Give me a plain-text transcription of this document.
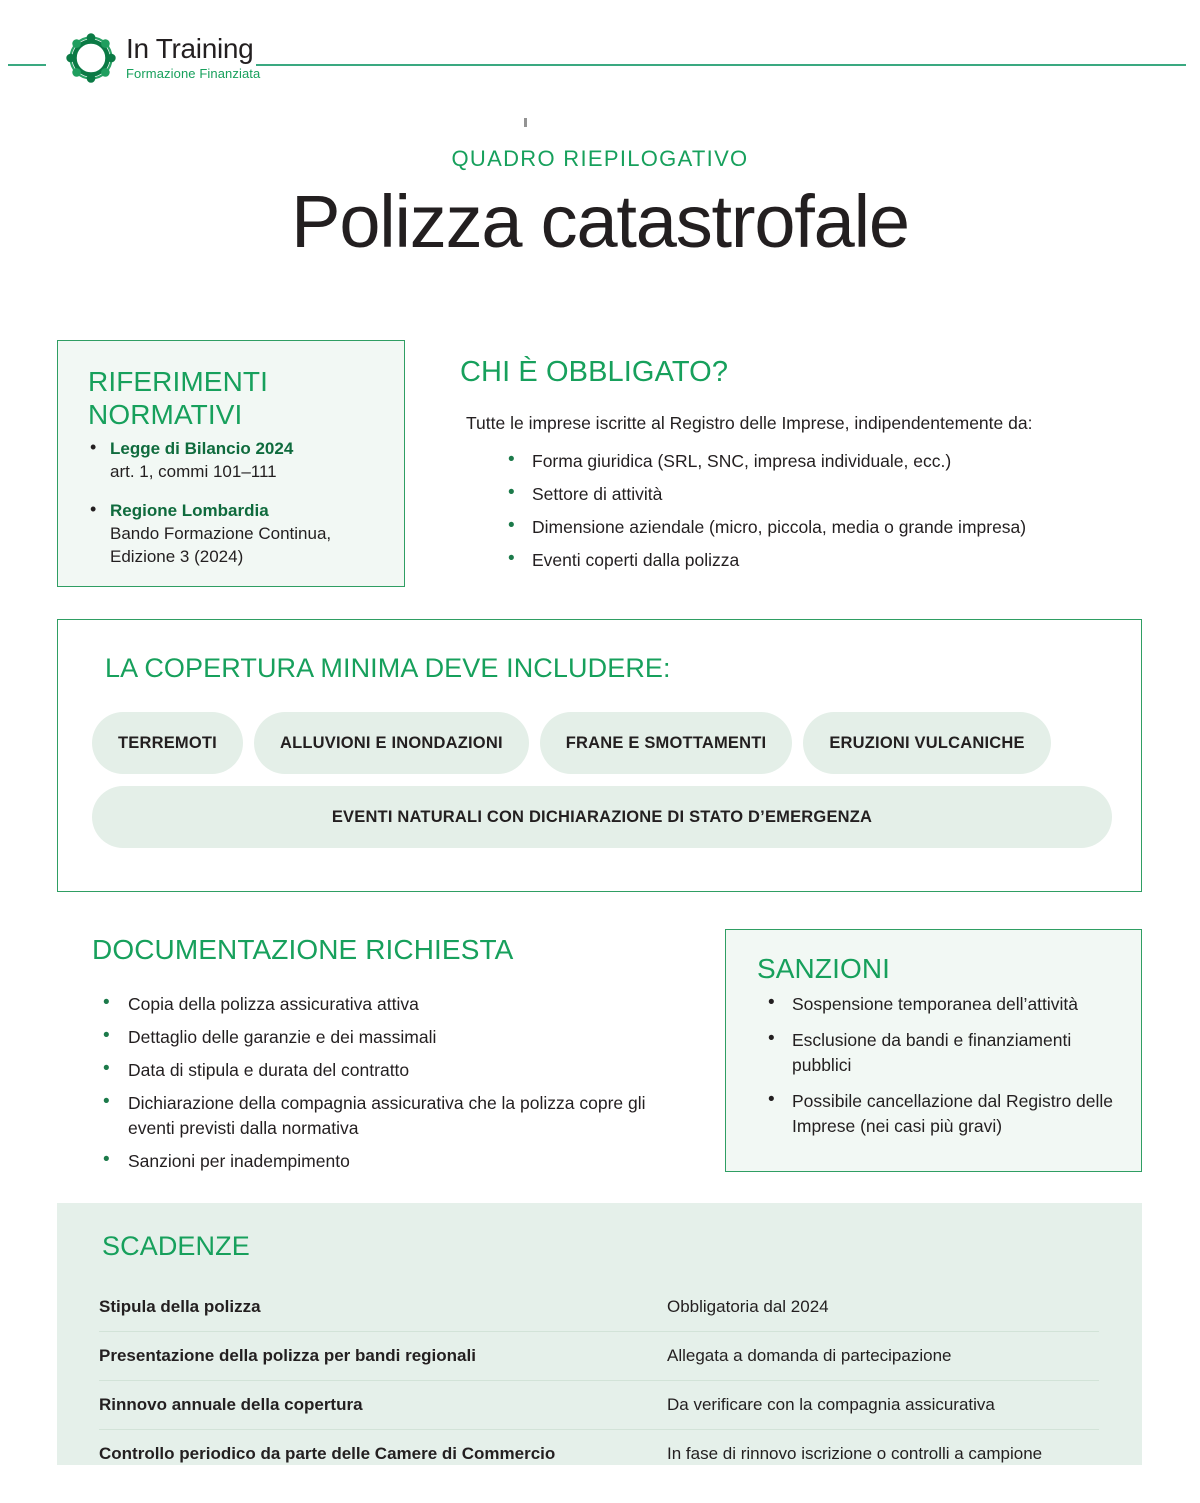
In Training
Formazione Finanziata
QUADRO RIEPILOGATIVO
Polizza catastrofale
RIFERIMENTI NORMATIVI
• Legge di Bilancio 2024
art. 1, commi 101–111
• Regione Lombardia
Bando Formazione Continua, Edizione 3 (2024)
CHI È OBBLIGATO?

Tutte le imprese iscritte al Registro delle Imprese, indipendentemente da:

• Forma giuridica (SRL, SNC, impresa individuale, ecc.)
• Settore di attività
• Dimensione aziendale (micro, piccola, media o grande impresa)
• Eventi coperti dalla polizza
LA COPERTURA MINIMA DEVE INCLUDERE:
TERREMOTI	ALLUVIONI E INONDAZIONI	FRANE E SMOTTAMENTI	ERUZIONI VULCANICHE
EVENTI NATURALI CON DICHIARAZIONE DI STATO D’EMERGENZA
DOCUMENTAZIONE RICHIESTA
• Copia della polizza assicurativa attiva
• Dettaglio delle garanzie e dei massimali
• Data di stipula e durata del contratto
• Dichiarazione della compagnia assicurativa che la polizza copre gli eventi previsti dalla normativa
• Sanzioni per inadempimento
SANZIONI
• Sospensione temporanea dell’attività
• Esclusione da bandi e finanziamenti pubblici
• Possibile cancellazione dal Registro delle Imprese (nei casi più gravi)
SCADENZE
Stipula della polizza	Obbligatoria dal 2024
Presentazione della polizza per bandi regionali	Allegata a domanda di partecipazione
Rinnovo annuale della copertura	Da verificare con la compagnia assicurativa
Controllo periodico da parte delle Camere di Commercio	In fase di rinnovo iscrizione o controlli a campione
